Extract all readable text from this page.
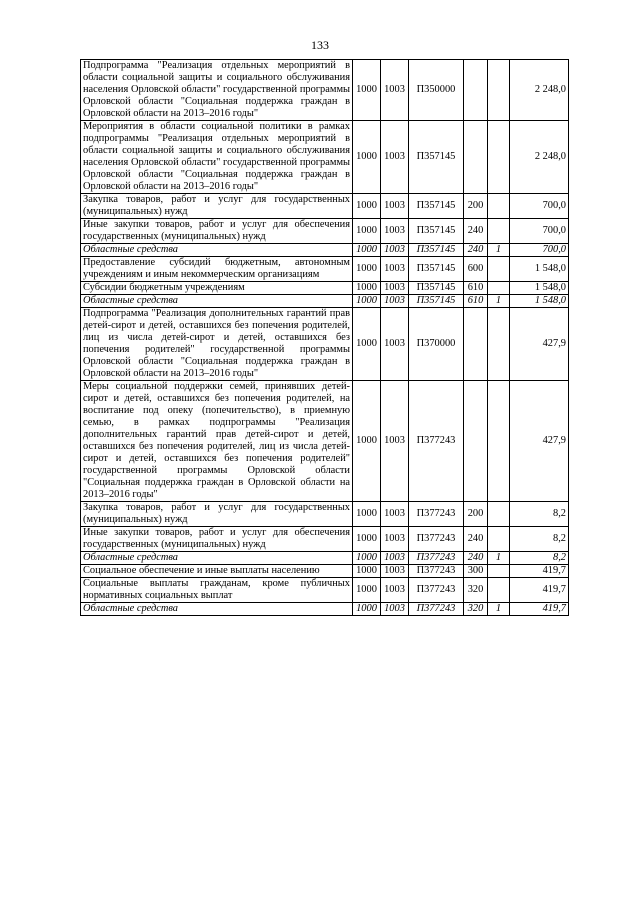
133
Подпрограмма "Реализация отдельных мероприятий в области социальной защиты и социального обслуживания населения Орловской области" государственной программы Орловской области "Социальная поддержка граждан в Орловской области на 2013–2016 годы"	1000	1003	П350000			2 248,0
Мероприятия в области социальной политики в рамках подпрограммы "Реализация отдельных мероприятий в области социальной защиты и социального обслуживания населения Орловской области" государственной программы Орловской области "Социальная поддержка граждан в Орловской области на 2013–2016 годы"	1000	1003	П357145			2 248,0
Закупка товаров, работ и услуг для государственных (муниципальных) нужд	1000	1003	П357145	200		700,0
Иные закупки товаров, работ и услуг для обеспечения государственных (муниципальных) нужд	1000	1003	П357145	240		700,0
Областные средства	1000	1003	П357145	240	1	700,0
Предоставление субсидий бюджетным, автономным учреждениям и иным некоммерческим организациям	1000	1003	П357145	600		1 548,0
Субсидии бюджетным учреждениям	1000	1003	П357145	610		1 548,0
Областные средства	1000	1003	П357145	610	1	1 548,0
Подпрограмма "Реализация дополнительных гарантий прав детей-сирот и детей, оставшихся без попечения родителей, лиц из числа детей-сирот и детей, оставшихся без попечения родителей" государственной программы Орловской области "Социальная поддержка граждан в Орловской области на 2013–2016 годы"	1000	1003	П370000			427,9
Меры социальной поддержки семей, принявших детей-сирот и детей, оставшихся без попечения родителей, на воспитание под опеку (попечительство), в приемную семью, в рамках подпрограммы "Реализация дополнительных гарантий прав детей-сирот и детей, оставшихся без попечения родителей, лиц из числа детей-сирот и детей, оставшихся без попечения родителей" государственной программы Орловской области "Социальная поддержка граждан в Орловской области на 2013–2016 годы"	1000	1003	П377243			427,9
Закупка товаров, работ и услуг для государственных (муниципальных) нужд	1000	1003	П377243	200		8,2
Иные закупки товаров, работ и услуг для обеспечения государственных (муниципальных) нужд	1000	1003	П377243	240		8,2
Областные средства	1000	1003	П377243	240	1	8,2
Социальное обеспечение и иные выплаты населению	1000	1003	П377243	300		419,7
Социальные выплаты гражданам, кроме публичных нормативных социальных выплат	1000	1003	П377243	320		419,7
Областные средства	1000	1003	П377243	320	1	419,7
